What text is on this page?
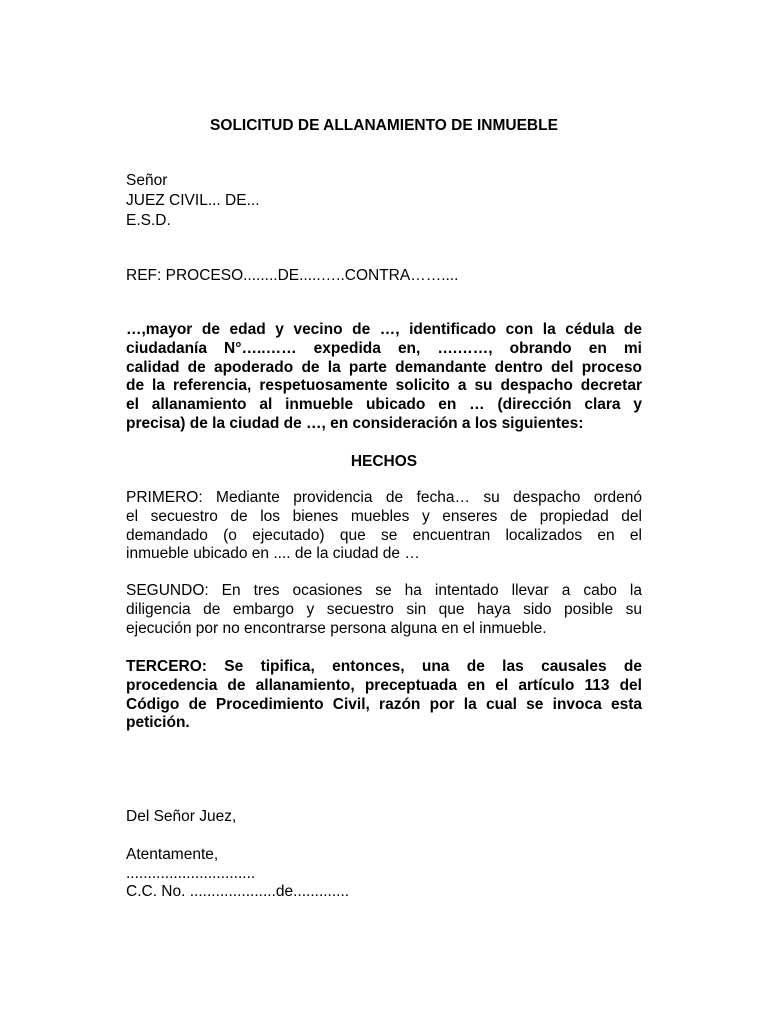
SOLICITUD DE ALLANAMIENTO DE INMUEBLE
Señor
JUEZ CIVIL... DE...
E.S.D.
REF: PROCESO........DE.....…..CONTRA……....
…,mayor de edad y vecino de …, identificado con la cédula de
ciudadanía N°…..…… expedida en, ….……, obrando en mi
calidad de apoderado de la parte demandante dentro del proceso
de la referencia, respetuosamente solicito a su despacho decretar
el allanamiento al inmueble ubicado en … (dirección clara y
precisa) de la ciudad de …, en consideración a los siguientes:
HECHOS
PRIMERO: Mediante providencia de fecha… su despacho ordenó
el secuestro de los bienes muebles y enseres de propiedad del
demandado (o ejecutado) que se encuentran localizados en el
inmueble ubicado en .... de la ciudad de …
SEGUNDO: En tres ocasiones se ha intentado llevar a cabo la
diligencia de embargo y secuestro sin que haya sido posible su
ejecución por no encontrarse persona alguna en el inmueble.
TERCERO: Se tipifica, entonces, una de las causales de
procedencia de allanamiento, preceptuada en el artículo 113 del
Código de Procedimiento Civil, razón por la cual se invoca esta
petición.
Del Señor Juez,
Atentamente,
..............................
C.C. No. ....................de.............
